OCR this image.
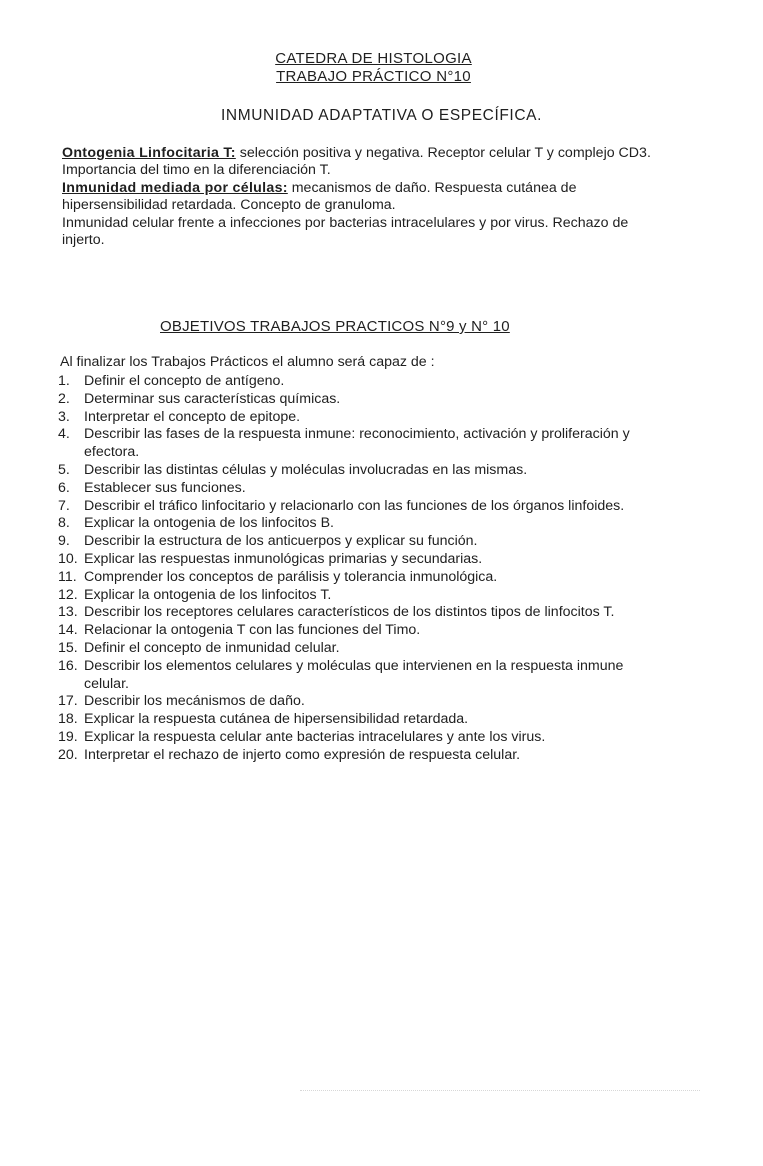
CATEDRA DE HISTOLOGIA
TRABAJO PRÁCTICO N°10
INMUNIDAD ADAPTATIVA O ESPECÍFICA.

Ontogenia Linfocitaria T: selección positiva y negativa. Receptor celular T y complejo CD3. Importancia del timo en la diferenciación T.

Inmunidad mediada por células: mecanismos de daño. Respuesta cutánea de hipersensibilidad retardada. Concepto de granuloma.

Inmunidad celular frente a infecciones por bacterias intracelulares y por virus. Rechazo de injerto.

OBJETIVOS TRABAJOS PRACTICOS N°9 y N° 10
Al finalizar los Trabajos Prácticos el alumno será capaz de :
1. Definir el concepto de antígeno.
2. Determinar sus características químicas.
3. Interpretar el concepto de epitope.
4. Describir las fases de la respuesta inmune: reconocimiento, activación y proliferación y efectora.
5. Describir las distintas células y moléculas involucradas en las mismas.
6. Establecer sus funciones.
7. Describir el tráfico linfocitario y relacionarlo con las funciones de los órganos linfoides.
8. Explicar la ontogenia de los linfocitos B.
9. Describir la estructura de los anticuerpos y explicar su función.
10. Explicar las respuestas inmunológicas primarias y secundarias.
11. Comprender los conceptos de parálisis y tolerancia inmunológica.
12. Explicar la ontogenia de los linfocitos T.
13. Describir los receptores celulares característicos de los distintos tipos de linfocitos T.
14. Relacionar la ontogenia T con las funciones del Timo.
15. Definir el concepto de inmunidad celular.
16. Describir los elementos celulares y moléculas que intervienen en la respuesta inmune celular.
17. Describir los mecánismos de daño.
18. Explicar la respuesta cutánea de hipersensibilidad retardada.
19. Explicar la respuesta celular ante bacterias intracelulares y ante los virus.
20. Interpretar el rechazo de injerto como expresión de respuesta celular.
